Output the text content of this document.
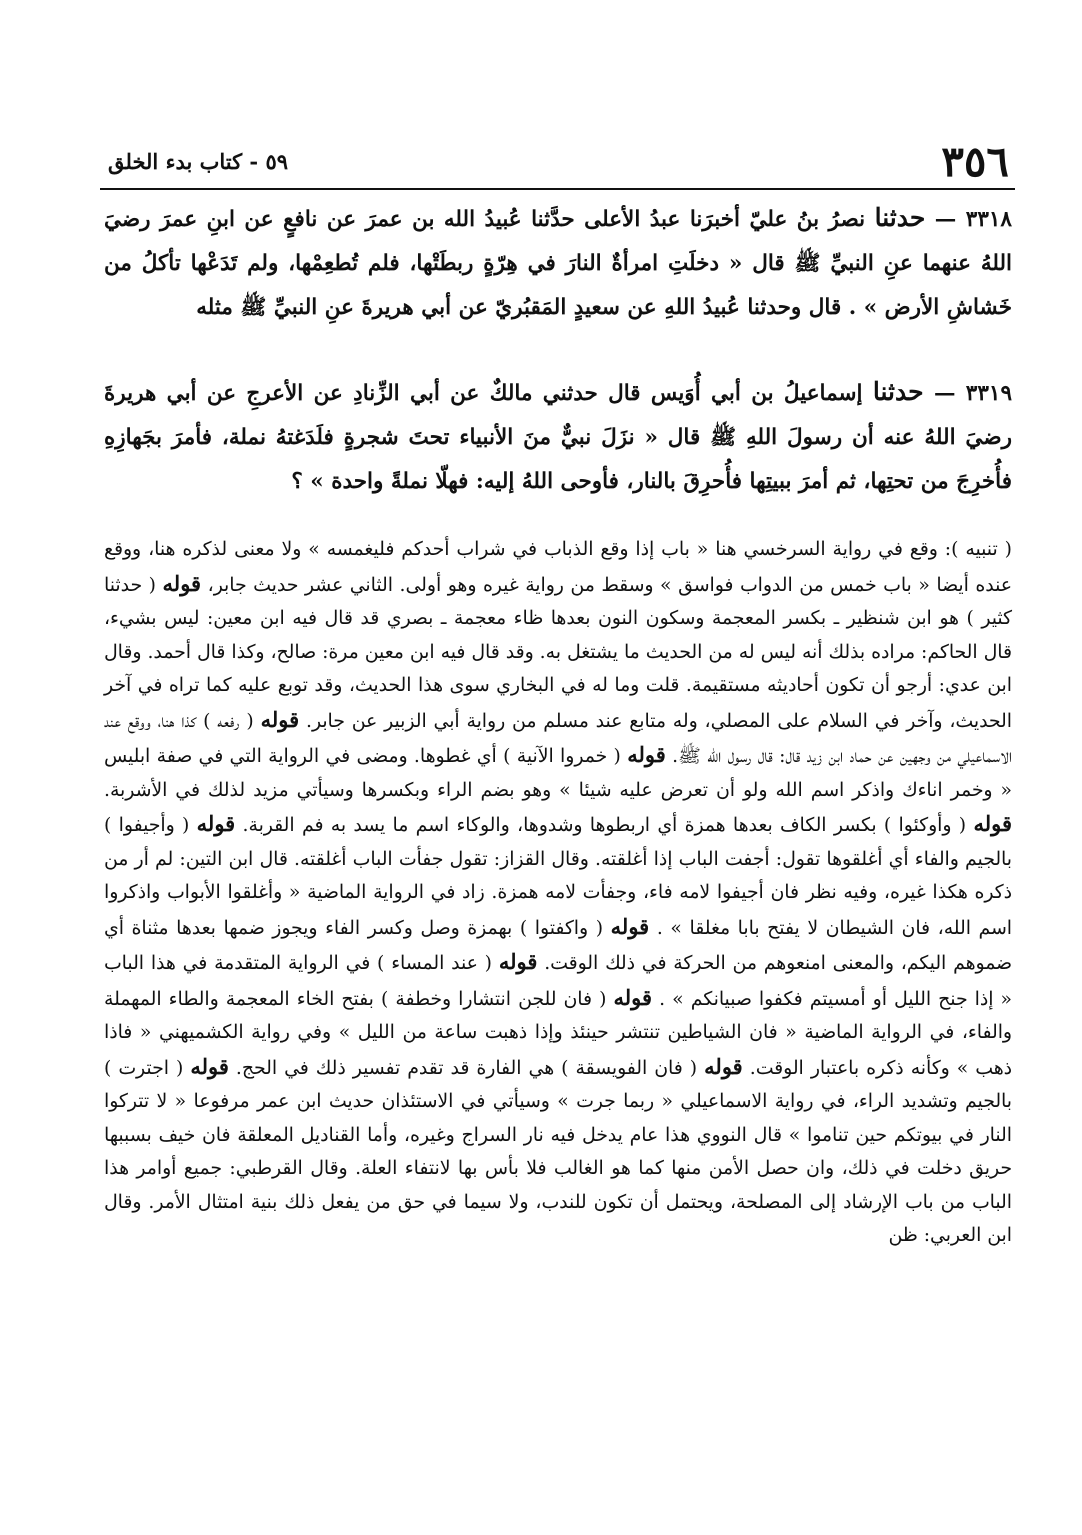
٣٥٦
٥٩ - كتاب بدء الخلق

٣٣١٨ — حدثنا نصرُ بنُ عليّ أخبرَنا عبدُ الأعلى حدَّثنا عُبيدُ الله بن عمرَ عن نافعٍ عن ابنِ عمرَ رضيَ اللهُ عنهما عنِ النبيِّ ﷺ قال « دخلَتِ امرأةٌ النارَ في هِرّةٍ ربطَتْها، فلم تُطعِمْها، ولم تَدَعْها تأكلُ من خَشاشِ الأرض » . قال وحدثنا عُبيدُ اللهِ عن سعيدٍ المَقبُريّ عن أبي هريرةَ عنِ النبيِّ ﷺ مثله

٣٣١٩ — حدثنا إسماعيلُ بن أبي أُوَيس قال حدثني مالكٌ عن أبي الزِّنادِ عن الأعرجِ عن أبي هريرةَ رضيَ اللهُ عنه أن رسولَ اللهِ ﷺ قال « نزَلَ نبيٌّ منَ الأنبياء تحتَ شجرةٍ فلَدَغتهُ نملة، فأمرَ بجَهازِهِ فأُخرِجَ من تحتِها، ثم أمرَ ببيتِها فأُحرِقَ بالنار، فأوحى اللهُ إليه: فهلّا نملةً واحدة » ؟

( تنبيه ): وقع في رواية السرخسي هنا « باب إذا وقع الذباب في شراب أحدكم فليغمسه » ولا معنى لذكره هنا، ووقع عنده أيضا « باب خمس من الدواب فواسق » وسقط من رواية غيره وهو أولى. الثاني عشر حديث جابر، قوله ( حدثنا كثير ) هو ابن شنظير ـ بكسر المعجمة وسكون النون بعدها ظاء معجمة ـ بصري قد قال فيه ابن معين: ليس بشيء، قال الحاكم: مراده بذلك أنه ليس له من الحديث ما يشتغل به. وقد قال فيه ابن معين مرة: صالح، وكذا قال أحمد. وقال ابن عدي: أرجو أن تكون أحاديثه مستقيمة. قلت وما له في البخاري سوى هذا الحديث، وقد توبع عليه كما تراه في آخر الحديث، وآخر في السلام على المصلي، وله متابع عند مسلم من رواية أبي الزبير عن جابر. قوله ( رفعه ) كذا هنا، ووقع عند الاسماعيلي من وجهين عن حماد ابن زيد قال: قال رسول الله ﷺ. قوله ( خمروا الآنية ) أي غطوها. ومضى في الرواية التي في صفة ابليس « وخمر اناءك واذكر اسم الله ولو أن تعرض عليه شيئا » وهو بضم الراء وبكسرها وسيأتي مزيد لذلك في الأشربة. قوله ( وأوكئوا ) بكسر الكاف بعدها همزة أي اربطوها وشدوها، والوكاء اسم ما يسد به فم القربة. قوله ( وأجيفوا ) بالجيم والفاء أي أغلقوها تقول: أجفت الباب إذا أغلقته. وقال القزاز: تقول جفأت الباب أغلقته. قال ابن التين: لم أر من ذكره هكذا غيره، وفيه نظر فان أجيفوا لامه فاء، وجفأت لامه همزة. زاد في الرواية الماضية « وأغلقوا الأبواب واذكروا اسم الله، فان الشيطان لا يفتح بابا مغلقا » . قوله ( واكفتوا ) بهمزة وصل وكسر الفاء ويجوز ضمها بعدها مثناة أي ضموهم اليكم، والمعنى امنعوهم من الحركة في ذلك الوقت. قوله ( عند المساء ) في الرواية المتقدمة في هذا الباب « إذا جنح الليل أو أمسيتم فكفوا صبيانكم » . قوله ( فان للجن انتشارا وخطفة ) بفتح الخاء المعجمة والطاء المهملة والفاء، في الرواية الماضية « فان الشياطين تنتشر حينئذ وإذا ذهبت ساعة من الليل » وفي رواية الكشميهني « فاذا ذهب » وكأنه ذكره باعتبار الوقت. قوله ( فان الفويسقة ) هي الفارة قد تقدم تفسير ذلك في الحج. قوله ( اجترت ) بالجيم وتشديد الراء، في رواية الاسماعيلي « ربما جرت » وسيأتي في الاستئذان حديث ابن عمر مرفوعا « لا تتركوا النار في بيوتكم حين تناموا » قال النووي هذا عام يدخل فيه نار السراج وغيره، وأما القناديل المعلقة فان خيف بسببها حريق دخلت في ذلك، وان حصل الأمن منها كما هو الغالب فلا بأس بها لانتفاء العلة. وقال القرطبي: جميع أوامر هذا الباب من باب الإرشاد إلى المصلحة، ويحتمل أن تكون للندب، ولا سيما في حق من يفعل ذلك بنية امتثال الأمر. وقال ابن العربي: ظن
